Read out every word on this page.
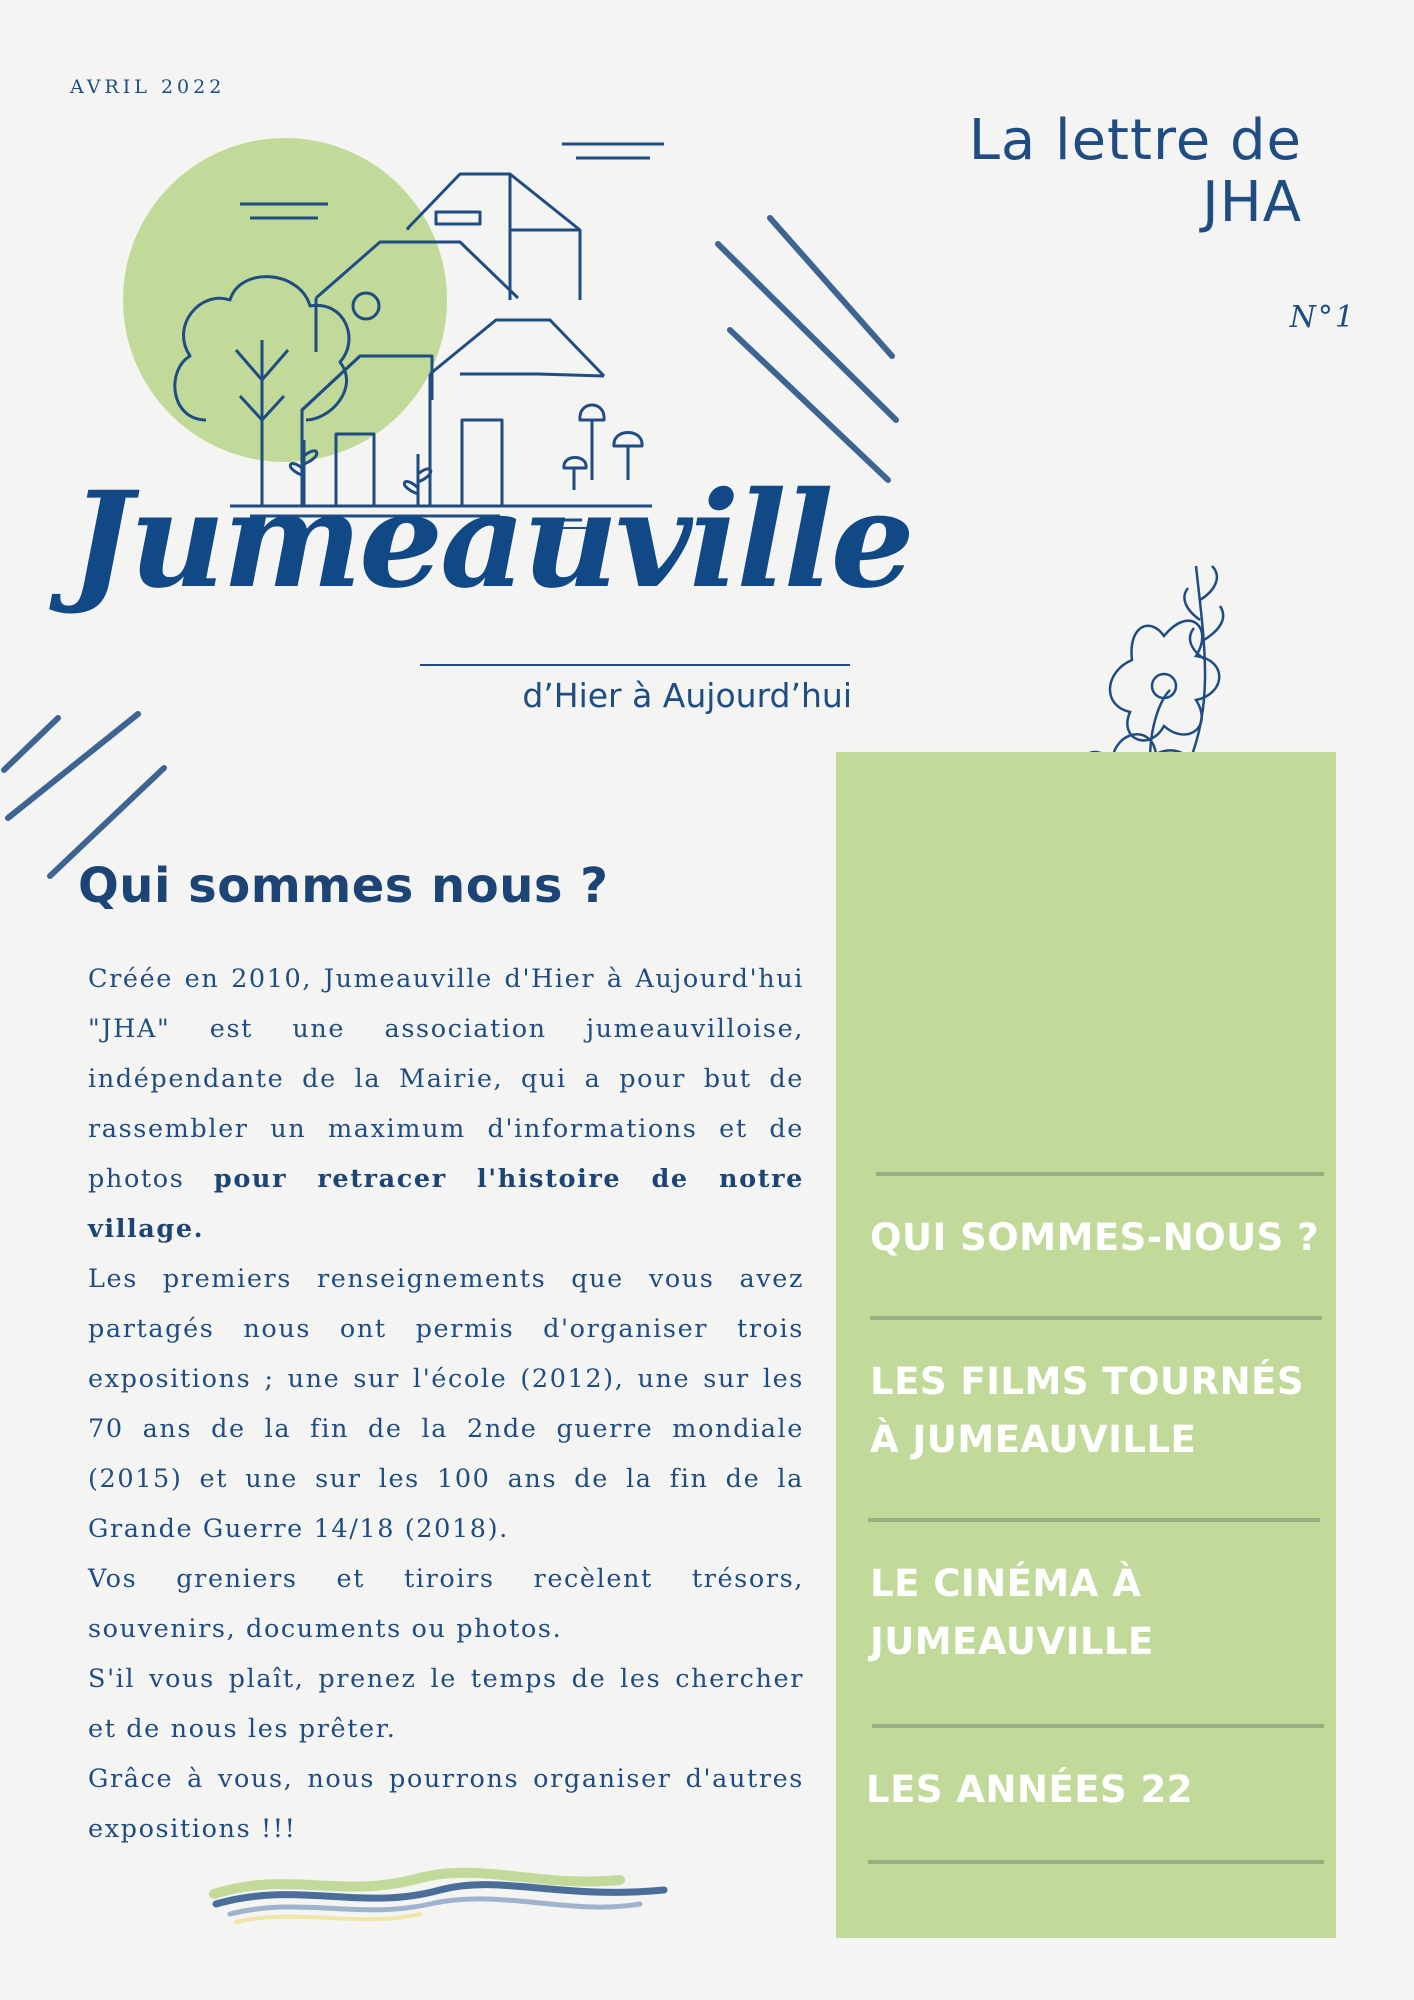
AVRIL 2022
La lettre de
JHA
N°1
Jumeauville
d’Hier à Aujourd’hui
Qui sommes nous ?

Créée en 2010, Jumeauville d'Hier à Aujourd'hui "JHA" est une association jumeauvilloise, indépendante de la Mairie, qui a pour but de rassembler un maximum d'informations et de photos pour retracer l'histoire de notre village.

Les premiers renseignements que vous avez partagés nous ont permis d'organiser trois expositions ; une sur l'école (2012), une sur les 70 ans de la fin de la 2nde guerre mondiale (2015) et une sur les 100 ans de la fin de la Grande Guerre 14/18 (2018).

Vos greniers et tiroirs recèlent trésors, souvenirs, documents ou photos.

S'il vous plaît, prenez le temps de les chercher et de nous les prêter.

Grâce à vous, nous pourrons organiser d'autres expositions !!!

QUI SOMMES-NOUS ?
LES FILMS TOURNÉS
À JUMEAUVILLE
LE CINÉMA À
JUMEAUVILLE
LES ANNÉES 22
